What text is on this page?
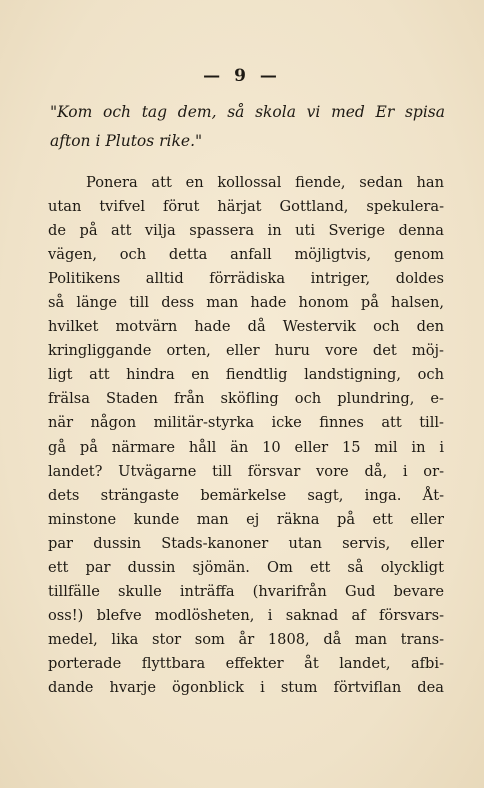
— 9 —
"Kom och tag dem, så skola vi med Er spisa
afton i Plutos rike."
Ponera att en kollossal fiende, sedan han
utan tvifvel förut härjat Gottland, spekulera-
de på att vilja spassera in uti Sverige denna
vägen, och detta anfall möjligtvis, genom
Politikens alltid förrädiska intriger, doldes
så länge till dess man hade honom på halsen,
hvilket motvärn hade då Westervik och den
kringliggande orten, eller huru vore det möj-
ligt att hindra en fiendtlig landstigning, och
frälsa Staden från sköfling och plundring, e-
när någon militär-styrka icke finnes att till-
gå på närmare håll än 10 eller 15 mil in i
landet? Utvägarne till försvar vore då, i or-
dets strängaste bemärkelse sagt, inga. Åt-
minstone kunde man ej räkna på ett eller
par dussin Stads-kanoner utan servis, eller
ett par dussin sjömän. Om ett så olyckligt
tillfälle skulle inträffa (hvarifrån Gud bevare
oss!) blefve modlösheten, i saknad af försvars-
medel, lika stor som år 1808, då man trans-
porterade flyttbara effekter åt landet, afbi-
dande hvarje ögonblick i stum förtviflan dea
